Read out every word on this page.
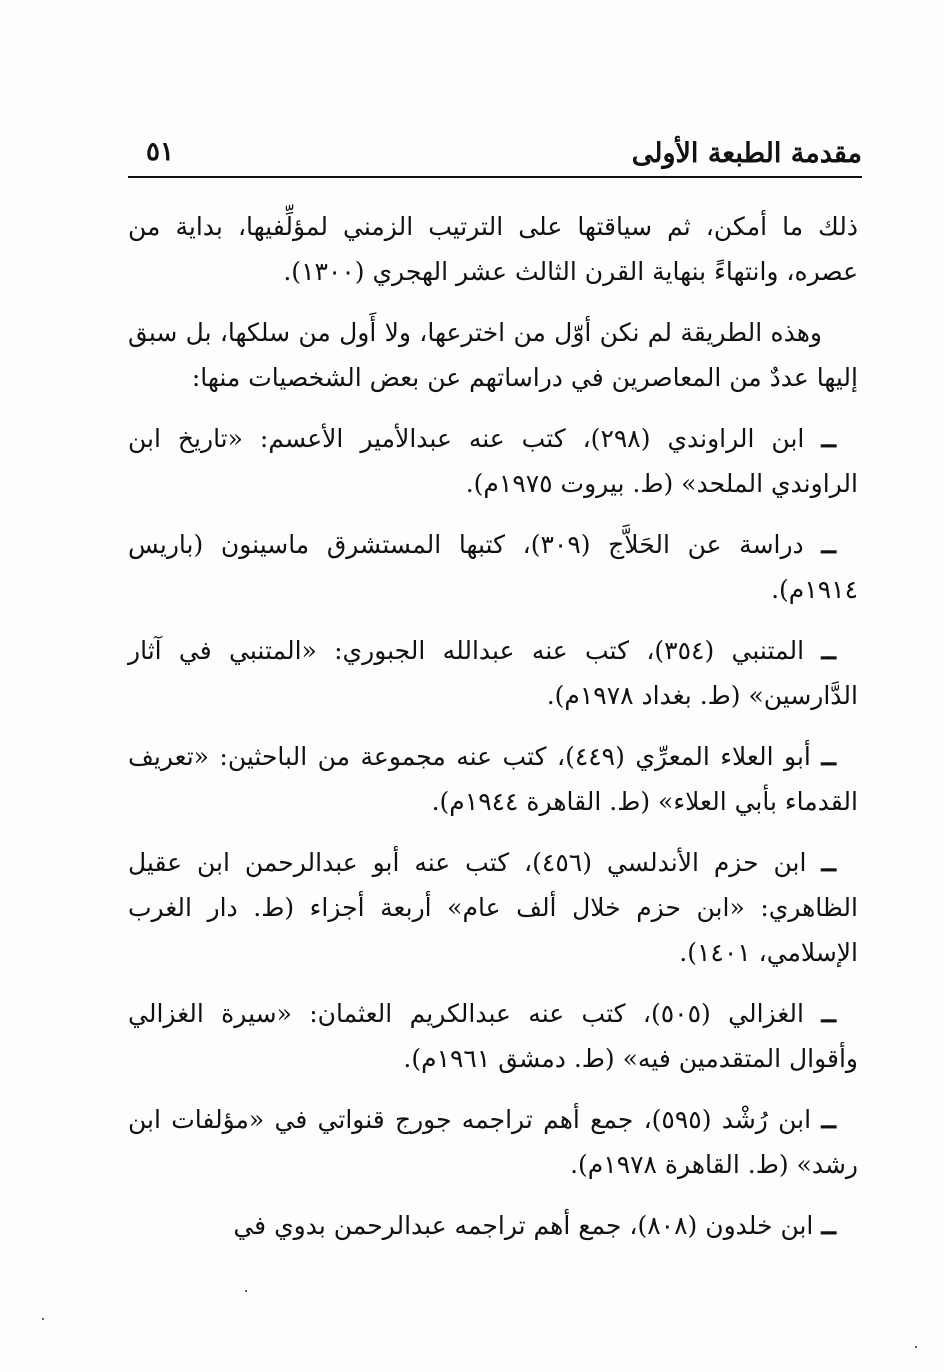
مقدمة الطبعة الأولى
٥١

ذلك ما أمكن، ثم سياقتها على الترتيب الزمني لمؤلِّفيها، بداية من عصره، وانتهاءً بنهاية القرن الثالث عشر الهجري (١٣٠٠).

وهذه الطريقة لم نكن أوّل من اخترعها، ولا أَول من سلكها، بل سبق إليها عددٌ من المعاصرين في دراساتهم عن بعض الشخصيات منها:

ــ ابن الراوندي (٢٩٨)، كتب عنه عبدالأمير الأعسم: «تاريخ ابن الراوندي الملحد» (ط. بيروت ١٩٧٥م).

ــ دراسة عن الحَلاَّج (٣٠٩)، كتبها المستشرق ماسينون (باريس ١٩١٤م).

ــ المتنبي (٣٥٤)، كتب عنه عبدالله الجبوري: «المتنبي في آثار الدَّارسين» (ط. بغداد ١٩٧٨م).

ــ أبو العلاء المعرِّي (٤٤٩)، كتب عنه مجموعة من الباحثين: «تعريف القدماء بأبي العلاء» (ط. القاهرة ١٩٤٤م).

ــ ابن حزم الأندلسي (٤٥٦)، كتب عنه أبو عبدالرحمن ابن عقيل الظاهري: «ابن حزم خلال ألف عام» أربعة أجزاء (ط. دار الغرب الإسلامي، ١٤٠١).

ــ الغزالي (٥٠٥)، كتب عنه عبدالكريم العثمان: «سيرة الغزالي وأقوال المتقدمين فيه» (ط. دمشق ١٩٦١م).

ــ ابن رُشْد (٥٩٥)، جمع أهم تراجمه جورج قنواتي في «مؤلفات ابن رشد» (ط. القاهرة ١٩٧٨م).

ــ ابن خلدون (٨٠٨)، جمع أهم تراجمه عبدالرحمن بدوي في
